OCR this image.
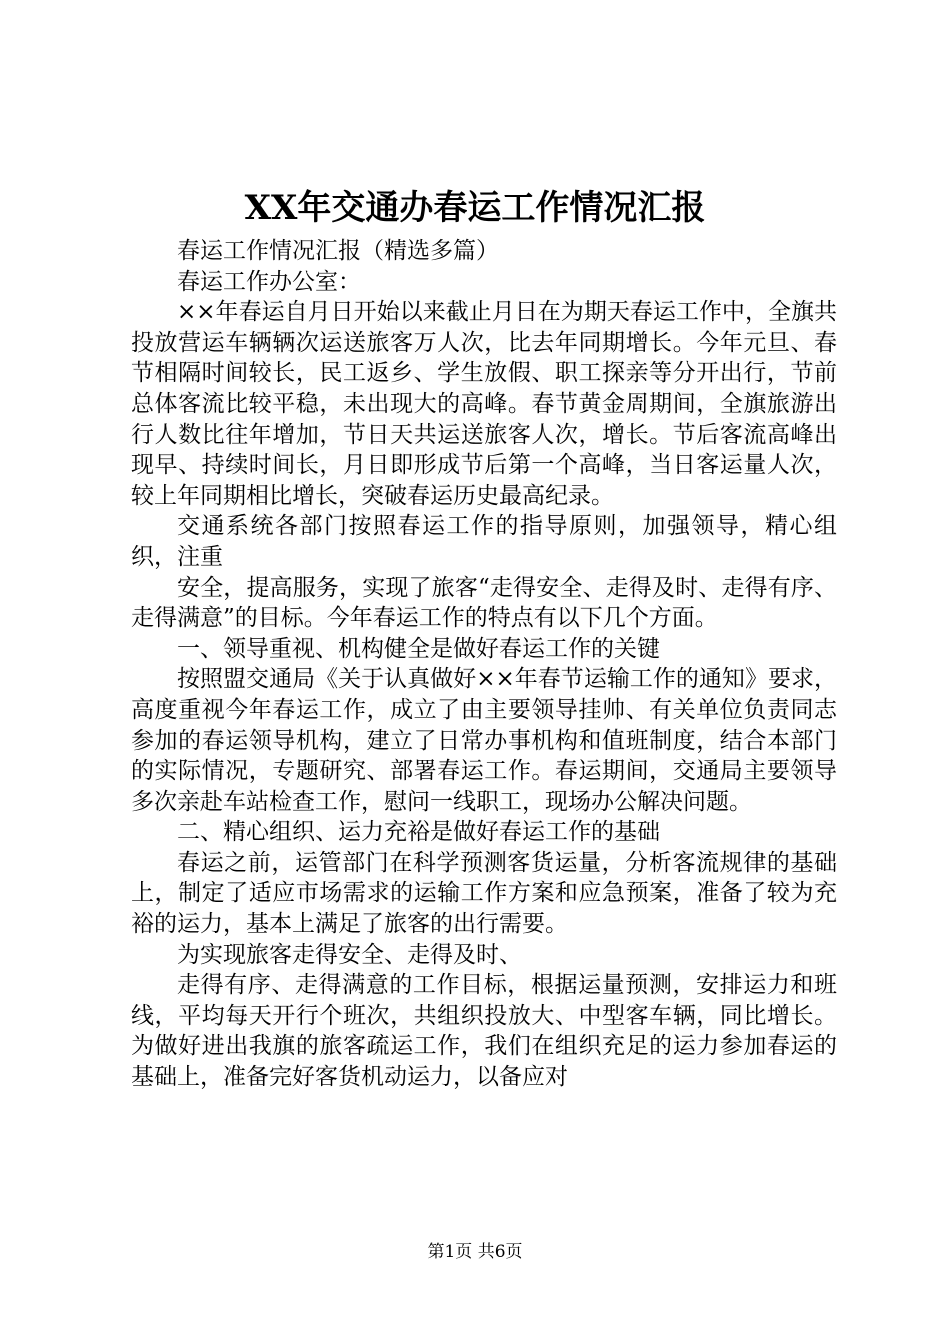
XX年交通办春运工作情况汇报

春运工作情况汇报（精选多篇）

春运工作办公室：

××年春运自月日开始以来截止月日在为期天春运工作中，全旗共投放营运车辆辆次运送旅客万人次，比去年同期增长。今年元旦、春节相隔时间较长，民工返乡、学生放假、职工探亲等分开出行，节前总体客流比较平稳，未出现大的高峰。春节黄金周期间，全旗旅游出行人数比往年增加，节日天共运送旅客人次，增长。节后客流高峰出现早、持续时间长，月日即形成节后第一个高峰，当日客运量人次，较上年同期相比增长，突破春运历史最高纪录。

交通系统各部门按照春运工作的指导原则，加强领导，精心组织，注重

安全，提高服务，实现了旅客“走得安全、走得及时、走得有序、走得满意”的目标。今年春运工作的特点有以下几个方面。

一、领导重视、机构健全是做好春运工作的关键

按照盟交通局《关于认真做好××年春节运输工作的通知》要求，高度重视今年春运工作，成立了由主要领导挂帅、有关单位负责同志参加的春运领导机构，建立了日常办事机构和值班制度，结合本部门的实际情况，专题研究、部署春运工作。春运期间，交通局主要领导多次亲赴车站检查工作，慰问一线职工，现场办公解决问题。

二、精心组织、运力充裕是做好春运工作的基础

春运之前，运管部门在科学预测客货运量，分析客流规律的基础上，制定了适应市场需求的运输工作方案和应急预案，准备了较为充裕的运力，基本上满足了旅客的出行需要。

为实现旅客走得安全、走得及时、

走得有序、走得满意的工作目标，根据运量预测，安排运力和班线，平均每天开行个班次，共组织投放大、中型客车辆，同比增长。为做好进出我旗的旅客疏运工作，我们在组织充足的运力参加春运的基础上，准备完好客货机动运力，以备应对

第1页 共6页
